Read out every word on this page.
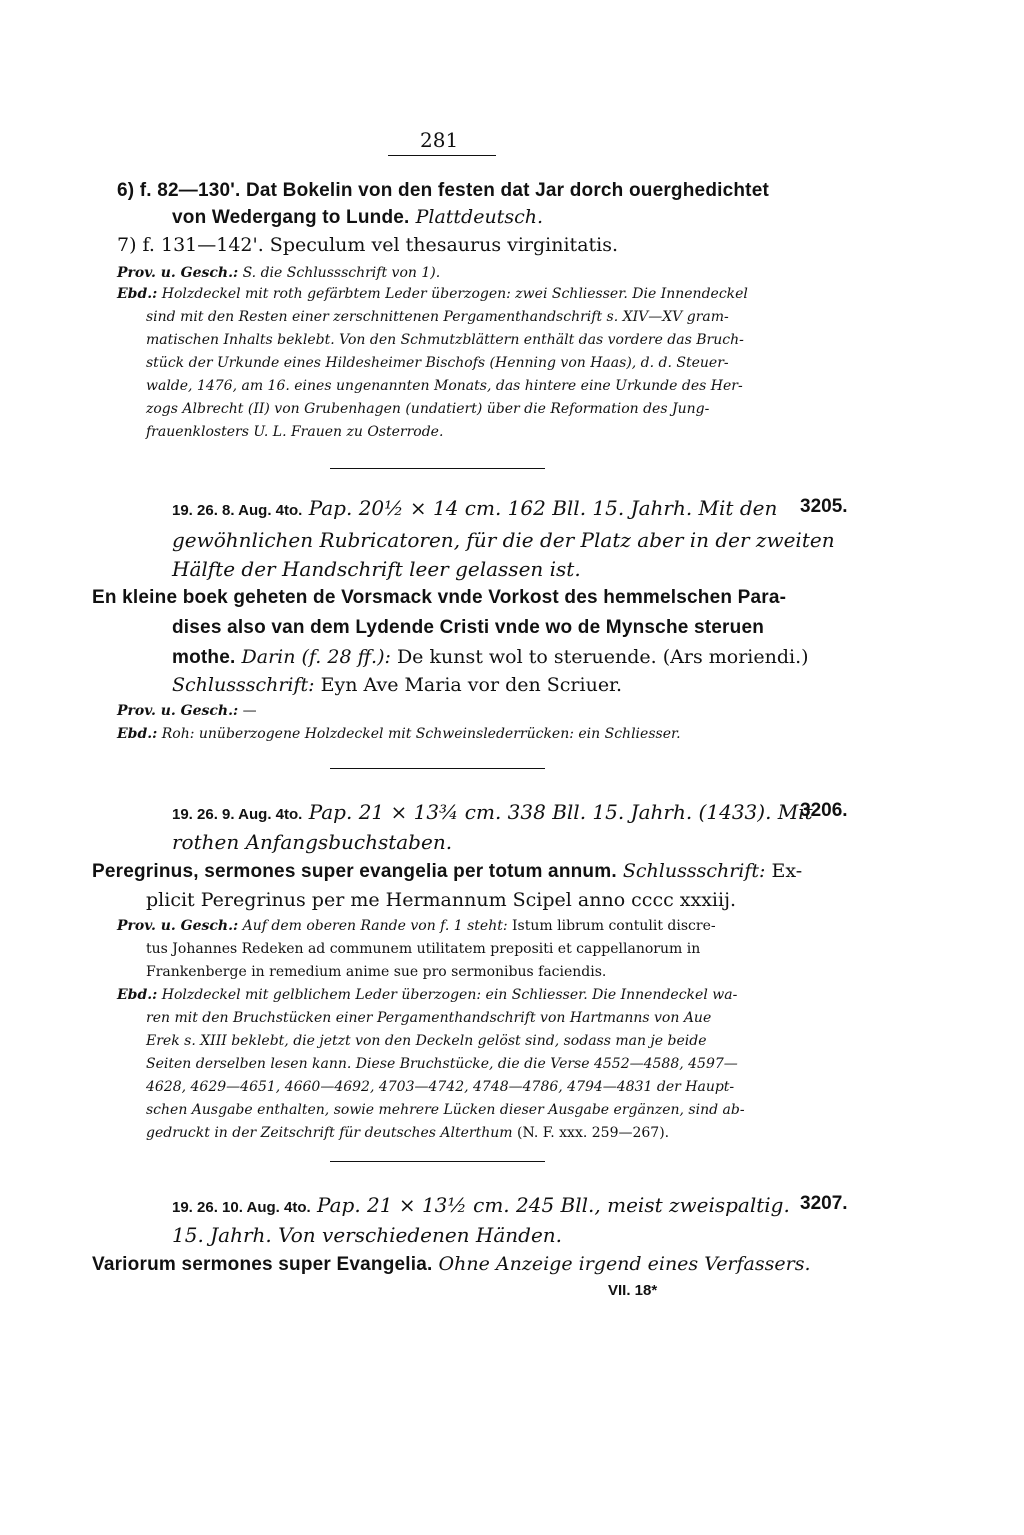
281
6) f. 82—130'. Dat Bokelin von den festen dat Jar dorch ouerghedichtet
von Wedergang to Lunde. Plattdeutsch.
7) f. 131—142'. Speculum vel thesaurus virginitatis.
Prov. u. Gesch.: S. die Schlussschrift von 1).
Ebd.: Holzdeckel mit roth gefärbtem Leder überzogen: zwei Schliesser. Die Innendeckel
sind mit den Resten einer zerschnittenen Pergamenthandschrift s. XIV—XV gram-
matischen Inhalts beklebt. Von den Schmutzblättern enthält das vordere das Bruch-
stück der Urkunde eines Hildesheimer Bischofs (Henning von Haas), d. d. Steuer-
walde, 1476, am 16. eines ungenannten Monats, das hintere eine Urkunde des Her-
zogs Albrecht (II) von Grubenhagen (undatiert) über die Reformation des Jung-
frauenklosters U. L. Frauen zu Osterrode.
19. 26. 8. Aug. 4to. Pap. 20½ × 14 cm. 162 Bll. 15. Jahrh. Mit den 3205.
gewöhnlichen Rubricatoren, für die der Platz aber in der zweiten
Hälfte der Handschrift leer gelassen ist.
En kleine boek geheten de Vorsmack vnde Vorkost des hemmelschen Para-
dises also van dem Lydende Cristi vnde wo de Mynsche steruen
mothe. Darin (f. 28 ff.): De kunst wol to steruende. (Ars moriendi.)
Schlussschrift: Eyn Ave Maria vor den Scriuer.
Prov. u. Gesch.: —
Ebd.: Roh: unüberzogene Holzdeckel mit Schweinslederrücken: ein Schliesser.
19. 26. 9. Aug. 4to. Pap. 21 × 13¾ cm. 338 Bll. 15. Jahrh. (1433). Mit
3206.
rothen Anfangsbuchstaben.
Peregrinus, sermones super evangelia per totum annum. Schlussschrift: Ex-
plicit Peregrinus per me Hermannum Scipel anno cccc xxxiij.
Prov. u. Gesch.: Auf dem oberen Rande von f. 1 steht: Istum librum contulit discre-
tus Johannes Redeken ad communem utilitatem prepositi et cappellanorum in
Frankenberge in remedium anime sue pro sermonibus faciendis.
Ebd.: Holzdeckel mit gelblichem Leder überzogen: ein Schliesser. Die Innendeckel wa-
ren mit den Bruchstücken einer Pergamenthandschrift von Hartmanns von Aue
Erek s. XIII beklebt, die jetzt von den Deckeln gelöst sind, sodass man je beide
Seiten derselben lesen kann. Diese Bruchstücke, die die Verse 4552—4588, 4597—
4628, 4629—4651, 4660—4692, 4703—4742, 4748—4786, 4794—4831 der Haupt-
schen Ausgabe enthalten, sowie mehrere Lücken dieser Ausgabe ergänzen, sind ab-
gedruckt in der Zeitschrift für deutsches Alterthum (N. F. xxx. 259—267).
19. 26. 10. Aug. 4to. Pap. 21 × 13½ cm. 245 Bll., meist zweispaltig. 3207.
15. Jahrh. Von verschiedenen Händen.
Variorum sermones super Evangelia. Ohne Anzeige irgend eines Verfassers.
VII. 18*
